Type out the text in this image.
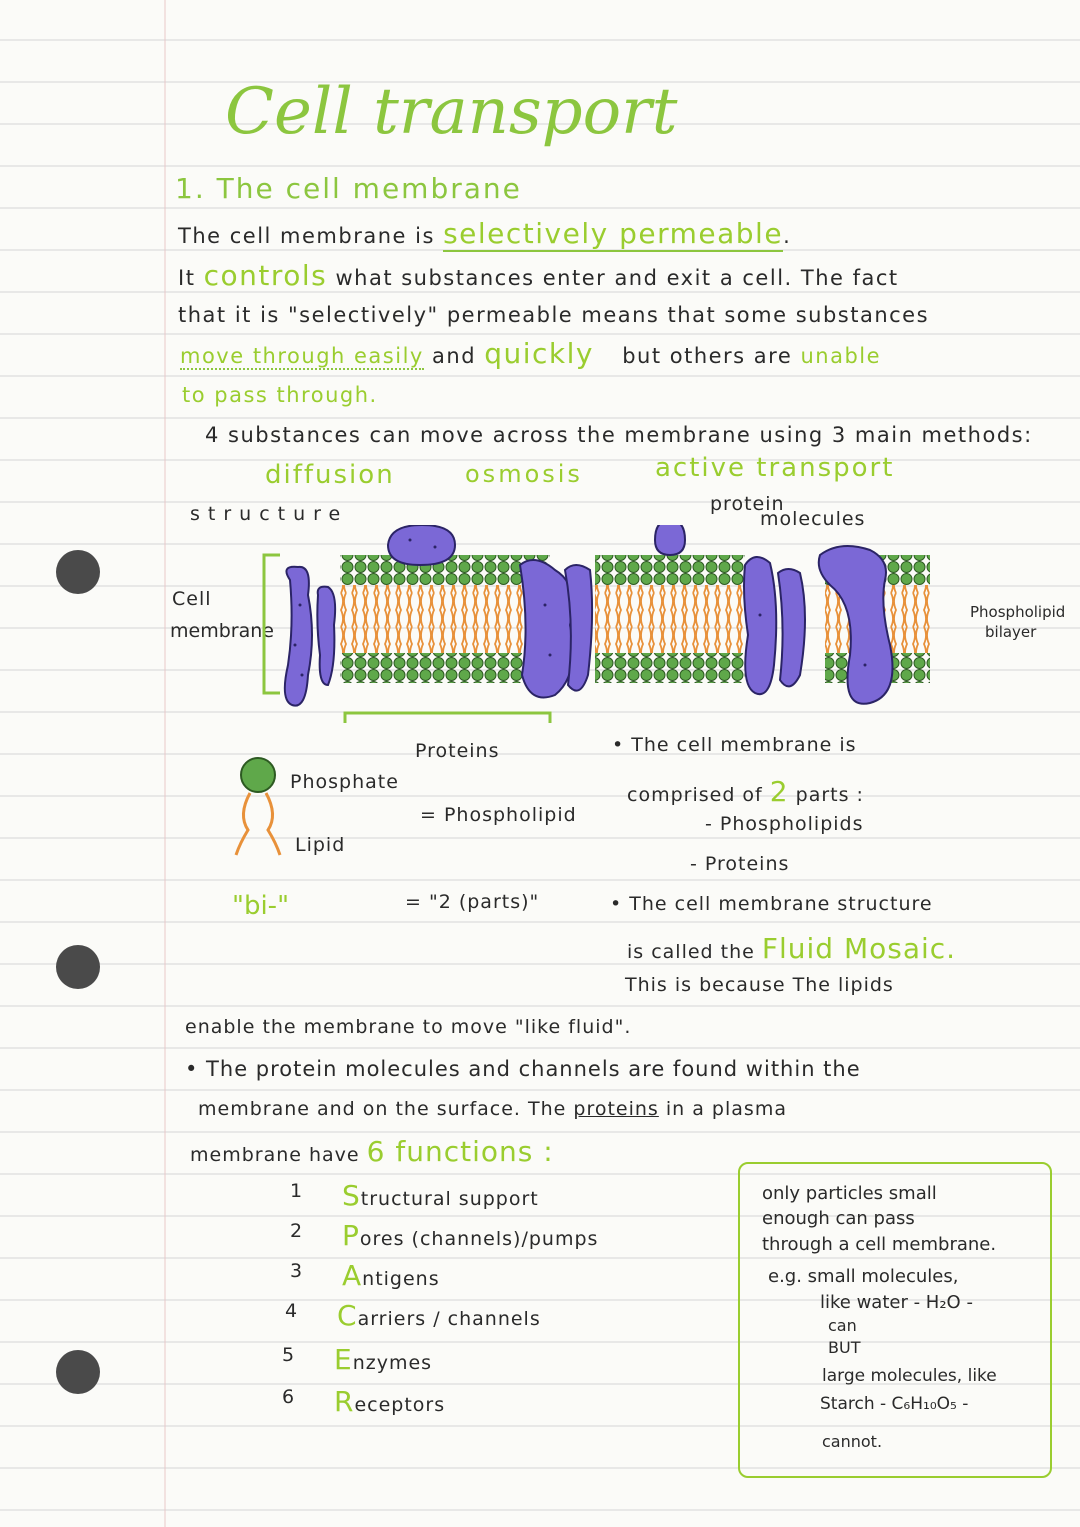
Cell transport
1. The cell membrane
The cell membrane is selectively permeable.
It controls what substances enter and exit a cell. The fact
that it is "selectively" permeable means that some substances
move through easily and quickly but others are unable
to pass through.
4 substances can move across the membrane using 3 main methods:
diffusion	osmosis	active transport
structure	protein
molecules
Cell
membrane
Phospholipid
bilayer
Proteins
Phosphate
Lipid
= Phospholipid
"bi-"	= "2 (parts)"
• The cell membrane is
comprised of 2 parts :
- Phospholipids
- Proteins
• The cell membrane structure
is called the Fluid Mosaic.
This is because The lipids
enable the membrane to move "like fluid".
• The protein molecules and channels are found within the
membrane and on the surface. The proteins in a plasma
membrane have 6 functions :
1 Structural support
2 Pores (channels)/pumps
3 Antigens
4 Carriers / channels
5 Enzymes
6 Receptors
only particles small
enough can pass
through a cell membrane.
e.g. small molecules,
like water - H₂O -
can
BUT
large molecules, like
Starch - C₆H₁₀O₅ -
cannot.
